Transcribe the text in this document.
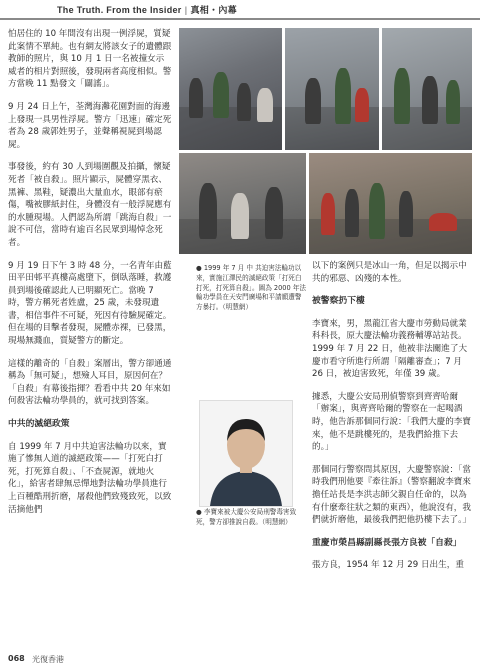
The Truth. From the Insider | 真相・內幕

怕居住的 10 年間沒有出現一例浮屍，質疑此案情不單純。也有網友將該女子的遺體跟教師的照片，與 10 月 1 日一名被撞女示威者的相片對照後，發現兩者高度相似。警方當晚 11 點發文「闢謠」。

9 月 24 日上午，荃灣海灘花園對面的海邊上發現一具男性浮屍。警方「迅速」確定死者為 28 歲郭姓男子，並聲稱視屍到場認屍。

事發後，約有 30 人到場圍觀及拍攝，懷疑死者「被自殺」。照片顯示，屍體穿黑衣、黑褲、黑鞋，疑濃出大量血水，眼部有瘀傷，嘴被膠紙封住，身體沒有一般浮屍應有的水腫現場。人們認為所謂「跳海自殺」一說不可信，當時有逾百名民眾到場悼念死者。

9 月 19 日下午 3 時 48 分，一名青年由藍田平田邨平真樓高處墮下，倒臥落睡，救護員到場後確認此人已明顯死亡。當晚 7 時，警方稱死者姓盧，25 歲，未發現遺書，相信事件不可疑，死因有待驗屍確定。但在場的目擊者發現，屍體赤裸，已發黑，現場無濺血，質疑警方的斷定。

這樣的離奇的「自殺」案層出，警方卻通通稱為「無可疑」，想殮人耳目，原因何在？「自殺」有幕後指揮？看看中共 20 年來如何殺害法輪功學員的，就可找到答案。

中共的滅絕政策

自 1999 年 7 月中共迫害法輪功以來，實施了慘無人道的滅絕政策——「打死白打死，打死算自殺」、「不查屍源，就地火化」，給害者肆無忌憚地對法輪功學員進行上百種酷刑折磨，屠殺他們致殘致死，以致活摘他們

● 1999 年 7 月 中 共迫害法輪功以來，實施江澤民的滅絕政策「打死白打死，打死算自殺」。圖為 2000 年法輪功學員在天安門廣場和平請願遭警方暴打。（明慧網）
● 李寶來被大慶公安局刑警毒害致死，警方卻推說自殺。（明慧網）

以下的案例只是冰山一角，但足以揭示中共的邪惡、凶殘的本性。

被警察扔下樓

李寶來，男，黑龍江省大慶市勞動局就業科科長，原大慶法輪功義務輔導站站長。1999 年 7 月 22 日，他被非法關進了大慶市看守所進行所謂「隔離審查」；7 月 26 日，被迫害致死，年僅 39 歲。

據悉，大慶公安局刑偵警察到齊齊哈爾「辦案」，與齊齊哈爾的警察在一起喝酒時，他告訴那個同行說：「我們大慶的李寶來，他不是跳樓死的，是我們給推下去的。」

那個同行警察問其原因，大慶警察說：「當時我們刑他要『牽往訴』（警察翻說李寶來擔任站長是李洪志師父親自任命的，以為有什麼牽往狀之類的東西），他說沒有，我們就折磨他，最後我們把他扔樓下去了。」

重慶市榮昌縣副縣長張方良被「自殺」

張方良，1954 年 12 月 29 日出生，重

068 光復香港
